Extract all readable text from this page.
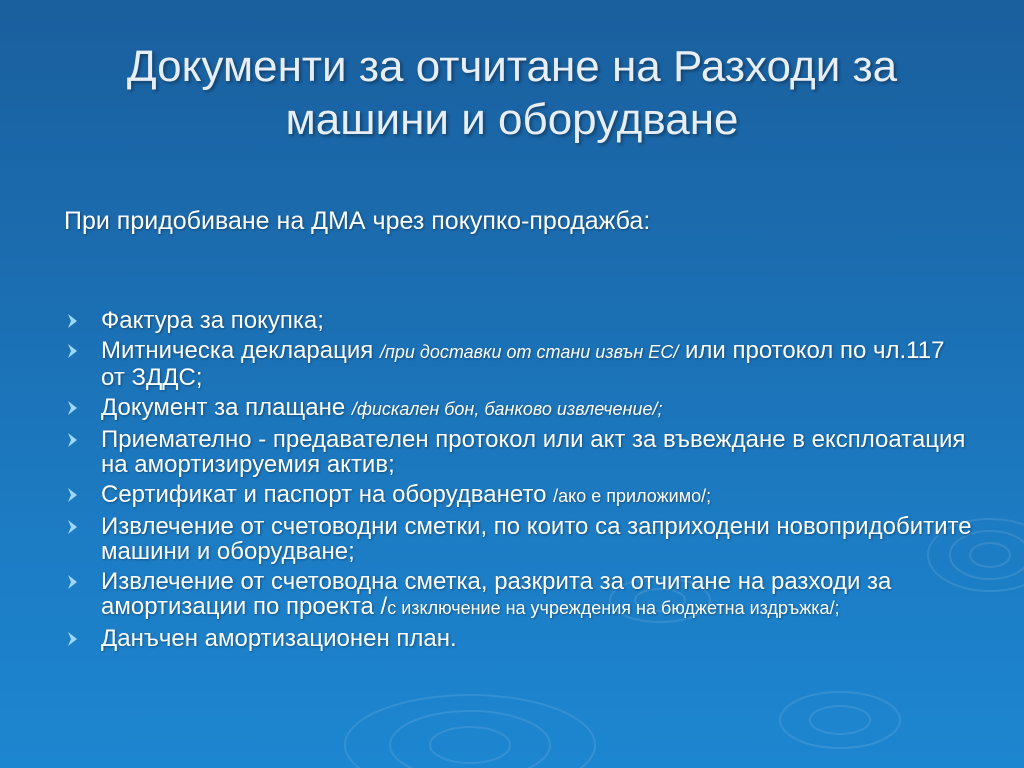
Документи за отчитане на Разходи за машини и оборудване
При придобиване на ДМА чрез покупко-продажба:
Фактура за покупка;
Митническа декларация /при доставки от стани извън ЕС/ или протокол по чл.117 от ЗДДС;
Документ за плащане /фискален бон, банково извлечение/;
Приемателно - предавателен протокол или акт за въвеждане в експлоатация на амортизируемия актив;
Сертификат и паспорт на оборудването /ако е приложимо/;
Извлечение от счетоводни сметки, по които са заприходени новопридобитите машини и оборудване;
Извлечение от счетоводна сметка, разкрита за отчитане на разходи за амортизации по проекта /с изключение на учреждения на бюджетна издръжка/;
Данъчен амортизационен план.
